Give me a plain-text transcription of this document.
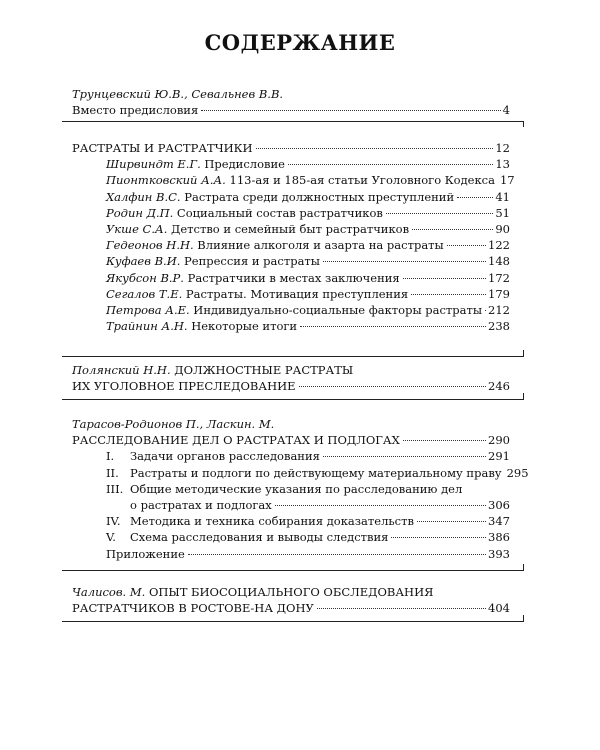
СОДЕРЖАНИЕ
Трунцевский Ю.В., Севальнев В.В.
Вместо предисловия	4
РАСТРАТЫ И РАСТРАТЧИКИ	12
Ширвиндт Е.Г. Предисловие	13
Пионтковский А.А. 113-ая и 185-ая статьи Уголовного Кодекса 17
Халфин В.С. Растрата среди должностных преступлений	41
Родин Д.П. Социальный состав растратчиков	51
Укше С.А. Детство и семейный быт растратчиков	90
Гедеонов Н.Н. Влияние алкоголя и азарта на растраты	122
Куфаев В.И. Репрессия и растраты	148
Якубсон В.Р. Растратчики в местах заключения	172
Сегалов Т.Е. Растраты. Мотивация преступления	179
Петрова А.Е. Индивидуально-социальные факторы растраты 212
Трайнин А.Н. Некоторые итоги	238
Полянский Н.Н. ДОЛЖНОСТНЫЕ РАСТРАТЫ
ИХ УГОЛОВНОЕ ПРЕСЛЕДОВАНИЕ	246
Тарасов-Родионов П., Ласкин. М.
РАССЛЕДОВАНИЕ ДЕЛ О РАСТРАТАХ И ПОДЛОГАХ	290
I. Задачи органов расследования	291
II. Растраты и подлоги по действующему материальному праву 295
III. Общие методические указания по расследованию дел
о растратах и подлогах	306
IV. Методика и техника собирания доказательств	347
V. Схема расследования и выводы следствия	386
Приложение	393
Чалисов. М. ОПЫТ БИОСОЦИАЛЬНОГО ОБСЛЕДОВАНИЯ
РАСТРАТЧИКОВ В РОСТОВЕ-НА ДОНУ	404
